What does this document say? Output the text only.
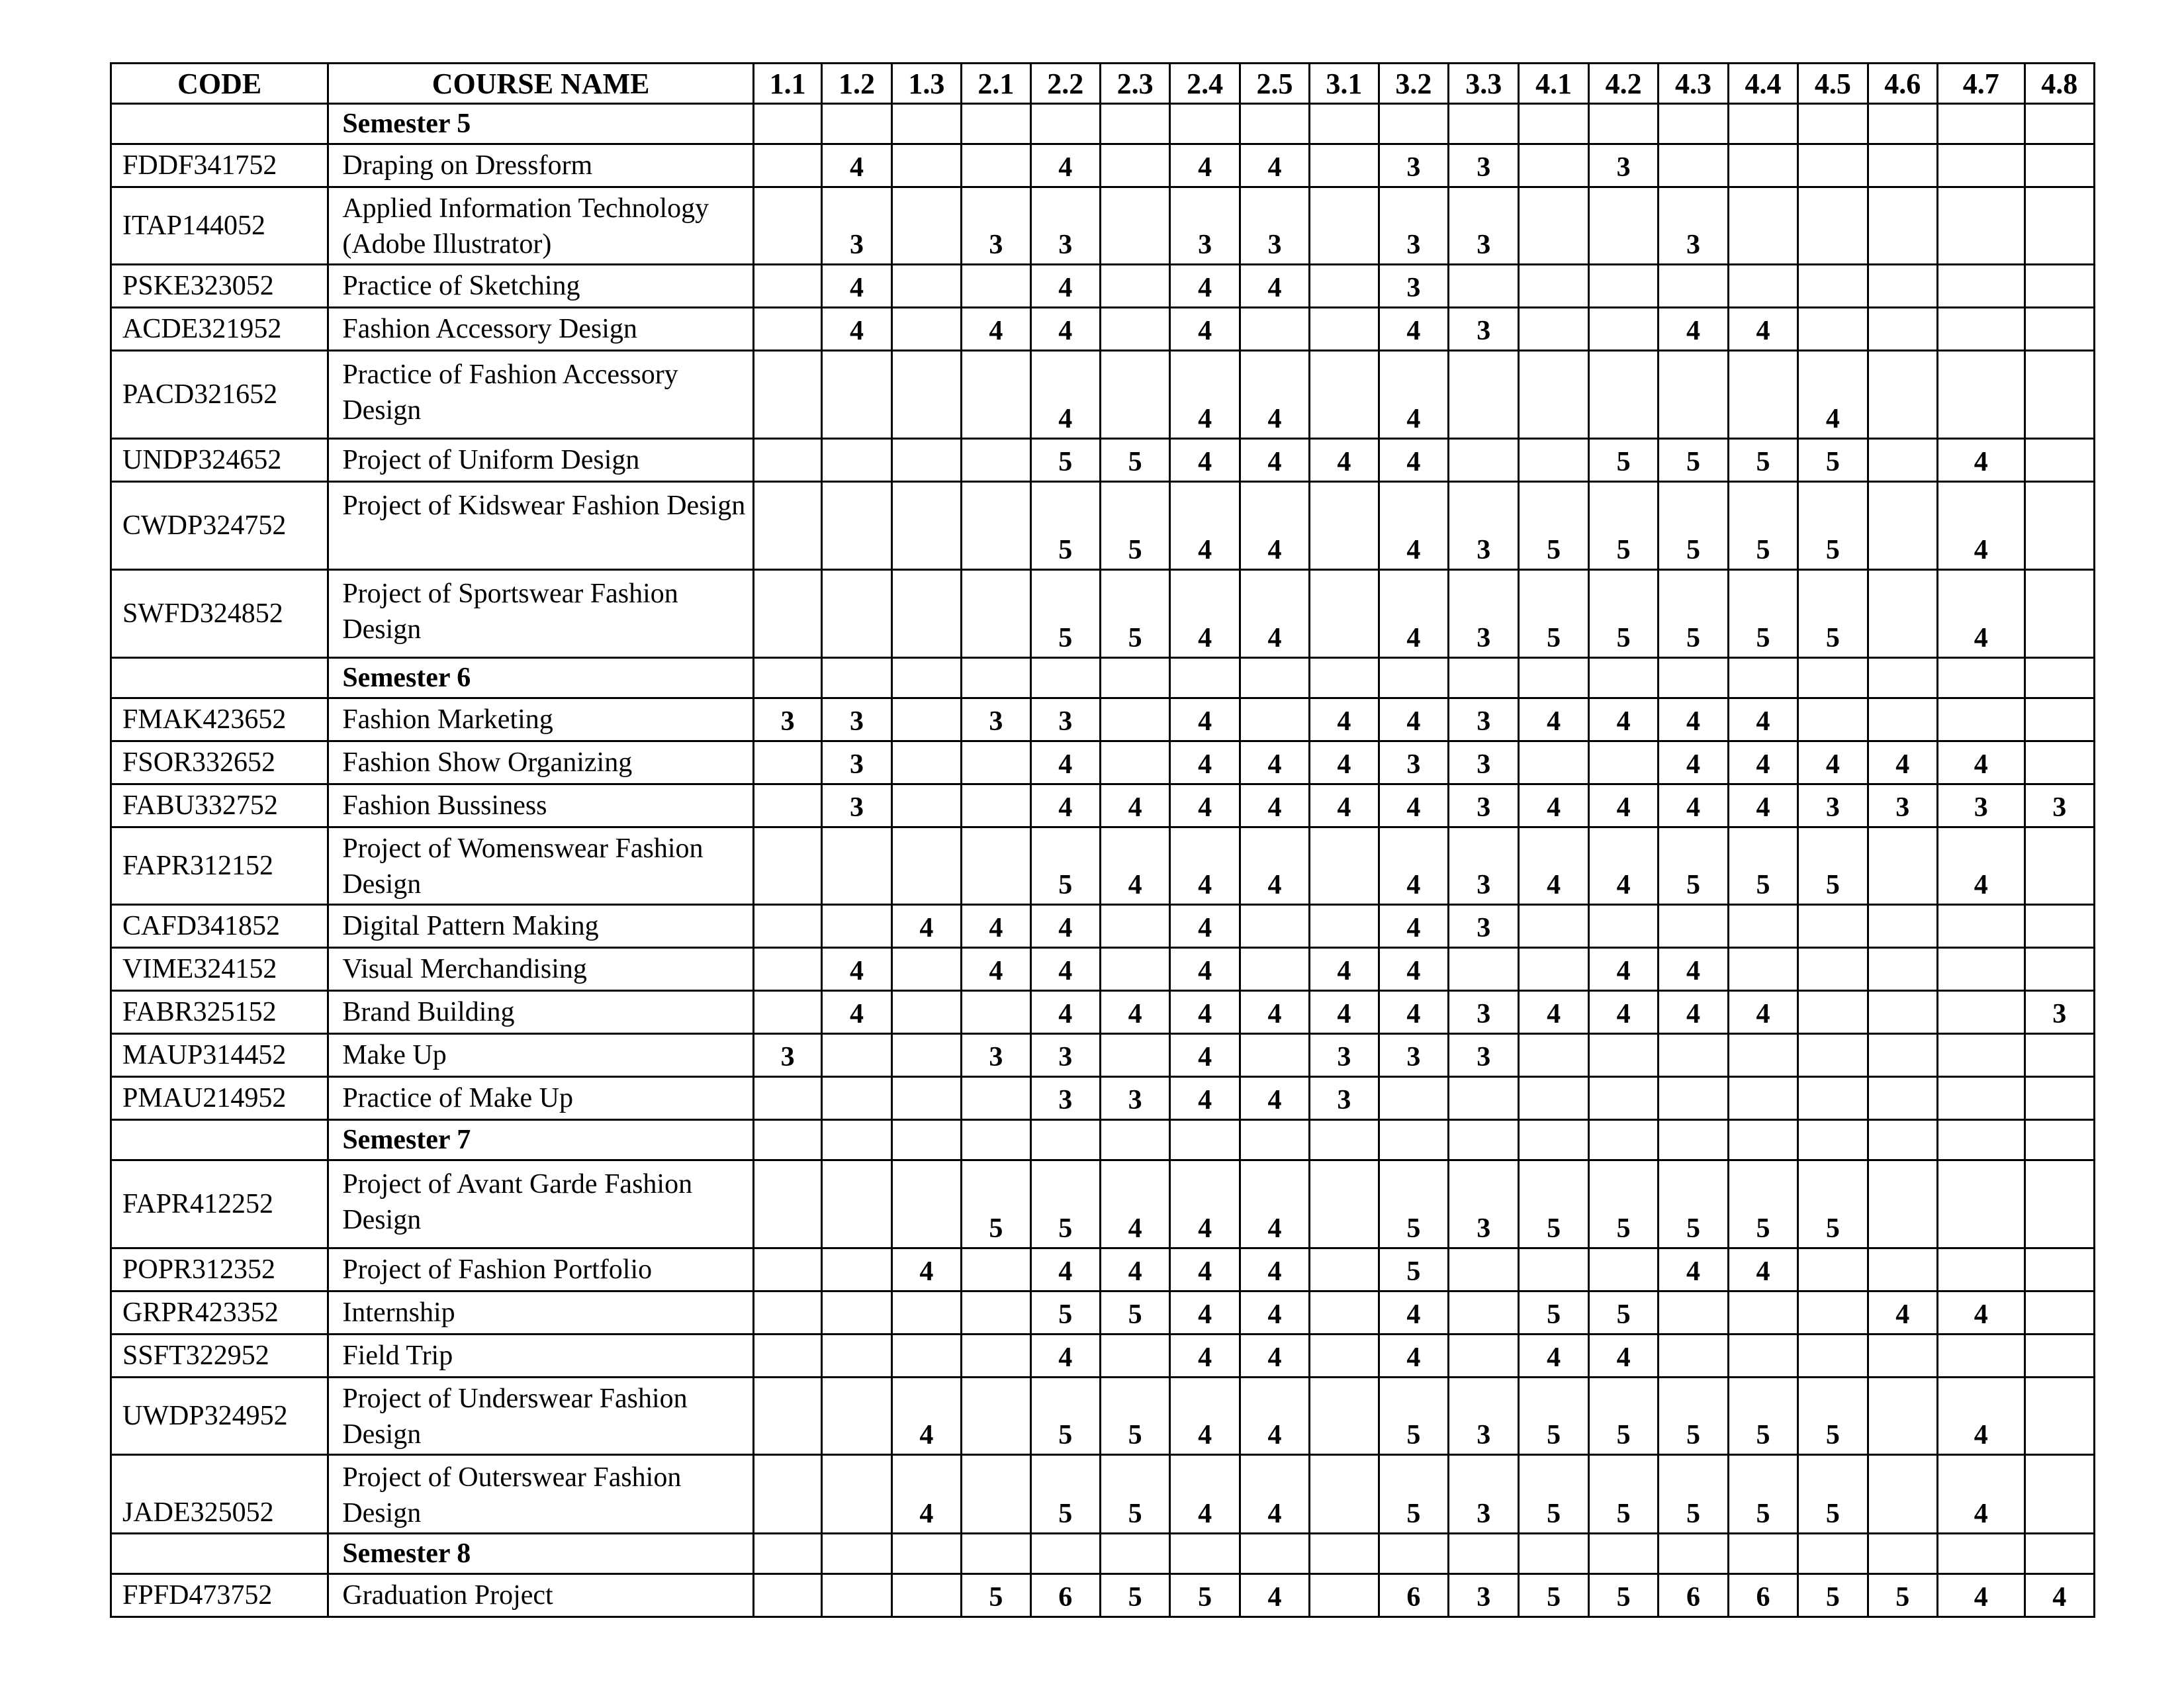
CODE	COURSE NAME	1.1	1.2	1.3	2.1	2.2	2.3	2.4	2.5	3.1	3.2	3.3	4.1	4.2	4.3	4.4	4.5	4.6	4.7	4.8
	Semester 5																			
FDDF341752	Draping on Dressform		4			4		4	4		3	3		3						
ITAP144052	Applied Information Technology (Adobe Illustrator)		3		3	3		3	3		3	3			3					
PSKE323052	Practice of Sketching		4			4		4	4		3									
ACDE321952	Fashion Accessory Design		4		4	4		4			4	3			4	4				
PACD321652	Practice of Fashion Accessory Design					4		4	4		4						4			
UNDP324652	Project of Uniform Design					5	5	4	4	4	4			5	5	5	5		4	
CWDP324752	Project of Kidswear Fashion Design					5	5	4	4		4	3	5	5	5	5	5		4	
SWFD324852	Project of Sportswear Fashion Design					5	5	4	4		4	3	5	5	5	5	5		4	
	Semester 6																			
FMAK423652	Fashion Marketing	3	3		3	3		4		4	4	3	4	4	4	4				
FSOR332652	Fashion Show Organizing		3			4		4	4	4	3	3			4	4	4	4	4	
FABU332752	Fashion Bussiness		3			4	4	4	4	4	4	3	4	4	4	4	3	3	3	3
FAPR312152	Project of Womenswear Fashion Design					5	4	4	4		4	3	4	4	5	5	5		4	
CAFD341852	Digital Pattern Making			4	4	4		4			4	3								
VIME324152	Visual Merchandising		4		4	4		4		4	4			4	4					
FABR325152	Brand Building		4			4	4	4	4	4	4	3	4	4	4	4				3
MAUP314452	Make Up	3			3	3		4		3	3	3								
PMAU214952	Practice of Make Up					3	3	4	4	3										
	Semester 7																			
FAPR412252	Project of Avant Garde Fashion Design				5	5	4	4	4		5	3	5	5	5	5	5			
POPR312352	Project of Fashion Portfolio			4		4	4	4	4		5				4	4				
GRPR423352	Internship					5	5	4	4		4		5	5				4	4	
SSFT322952	Field Trip					4		4	4		4		4	4						
UWDP324952	Project of Underswear Fashion Design			4		5	5	4	4		5	3	5	5	5	5	5		4	
JADE325052	Project of Outerswear Fashion Design			4		5	5	4	4		5	3	5	5	5	5	5		4	
	Semester 8																			
FPFD473752	Graduation Project				5	6	5	5	4		6	3	5	5	6	6	5	5	4	4
